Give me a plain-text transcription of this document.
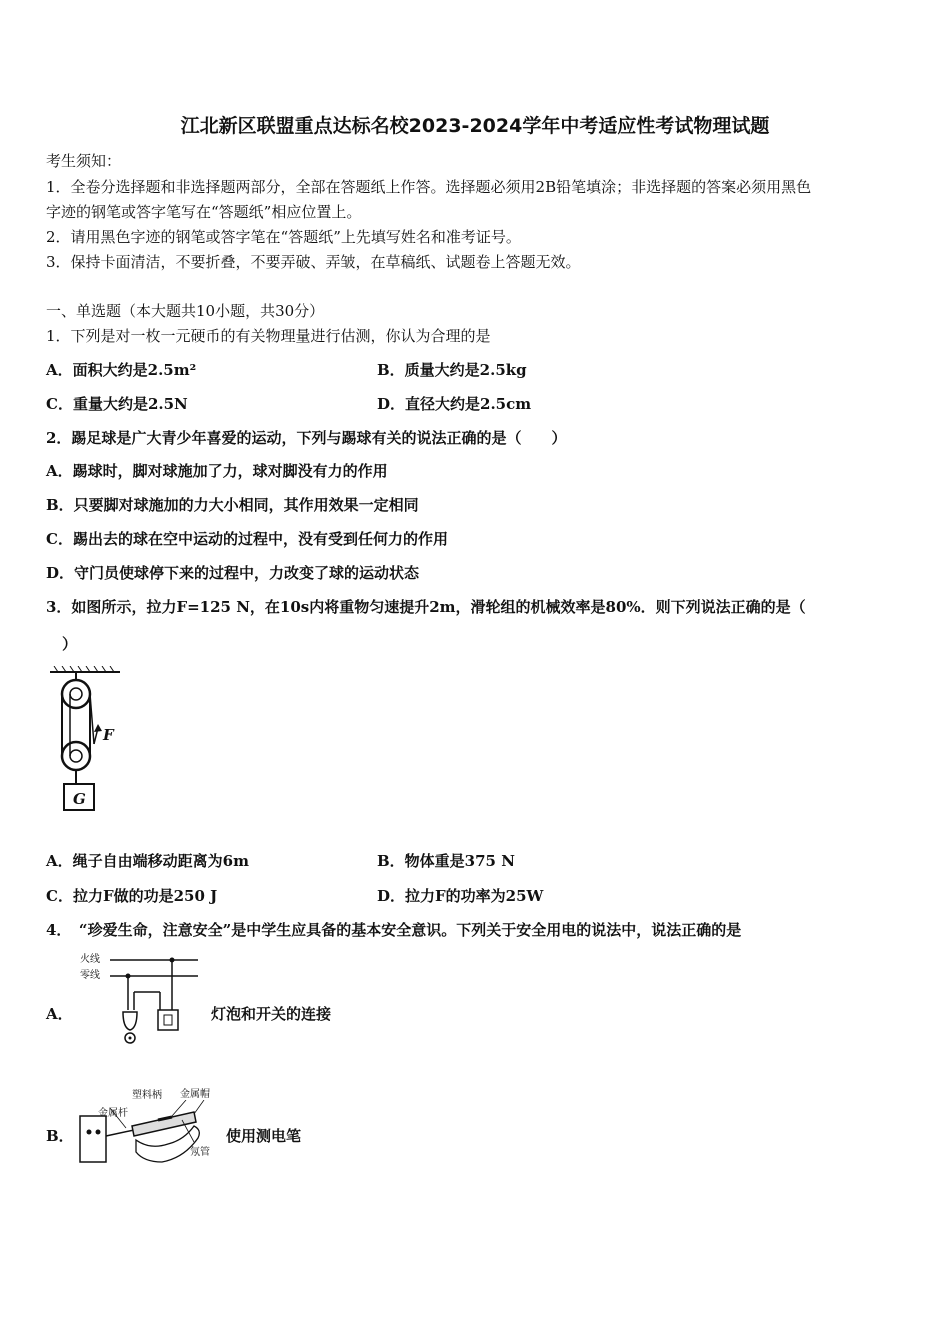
江北新区联盟重点达标名校2023-2024学年中考适应性考试物理试题
考生须知：
1．全卷分选择题和非选择题两部分，全部在答题纸上作答。选择题必须用2B铅笔填涂；非选择题的答案必须用黑色
字迹的钢笔或答字笔写在“答题纸”相应位置上。
2．请用黑色字迹的钢笔或答字笔在“答题纸”上先填写姓名和准考证号。
3．保持卡面清洁，不要折叠，不要弄破、弄皱，在草稿纸、试题卷上答题无效。
一、单选题（本大题共10小题，共30分）
1．下列是对一枚一元硬币的有关物理量进行估测，你认为合理的是
A．面积大约是2.5m²	B．质量大约是2.5kg
C．重量大约是2.5N	D．直径大约是2.5cm
2．踢足球是广大青少年喜爱的运动，下列与踢球有关的说法正确的是（　　）
A．踢球时，脚对球施加了力，球对脚没有力的作用
B．只要脚对球施加的力大小相同，其作用效果一定相同
C．踢出去的球在空中运动的过程中，没有受到任何力的作用
D．守门员使球停下来的过程中，力改变了球的运动状态
3．如图所示，拉力F=125 N，在10s内将重物匀速提升2m，滑轮组的机械效率是80%．则下列说法正确的是（
）
F
G
A．绳子自由端移动距离为6m	B．物体重是375 N
C．拉力F做的功是250 J	D．拉力F的功率为25W
4．　“珍爱生命，注意安全”是中学生应具备的基本安全意识。下列关于安全用电的说法中，说法正确的是
A．
火线
零线
灯泡和开关的连接
B．
塑料柄 金属帽
金属杆
氖管
使用测电笔
